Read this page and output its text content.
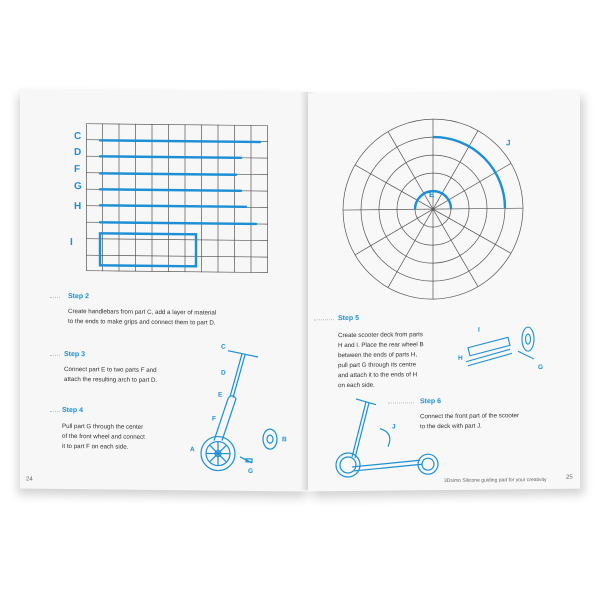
C
D
F
G
H
I
Step 2
Create handlebars from part C, add a layer of material
to the ends to make grips and connect them to part D.
Step 3
Connect part E to two parts F and
attach the resulting arch to part D.
Step 4
Pull part G through the center
of the front wheel and connect
it to part F on each side.
C
D
E
F
A
B
G
24
J
E
Step 5
Create scooter deck from parts
H and I. Place the rear wheel B
between the ends of parts H,
pull part G through its centre
and attach it to the ends of H
on each side.
I
H
G
J
Step 6
Connect the front part of the scooter
to the deck with part J.
3Dsimo Silicone guiding pad for your creativity	25
